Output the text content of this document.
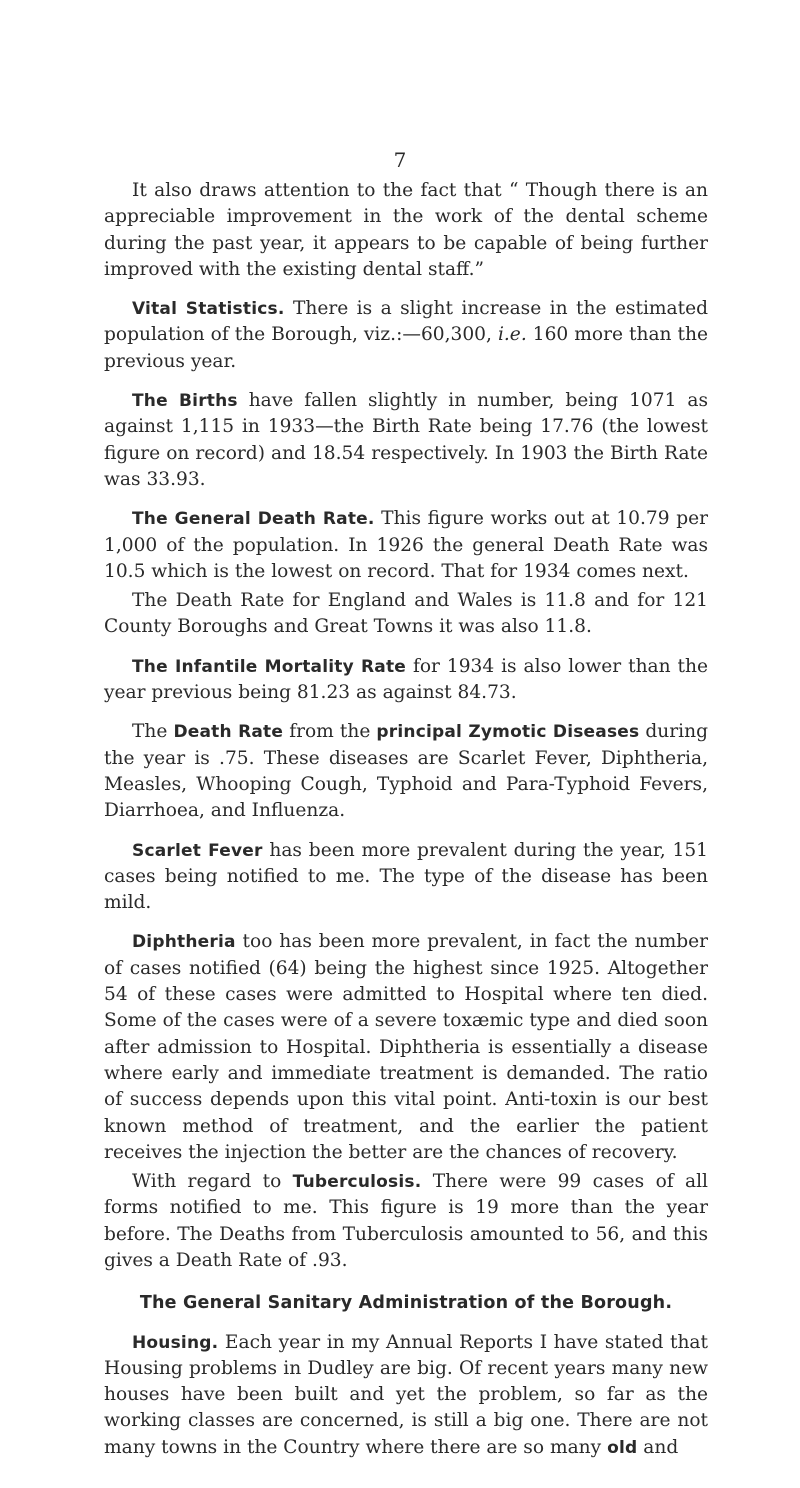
7

It also draws attention to the fact that “ Though there is an appreciable improvement in the work of the dental scheme during the past year, it appears to be capable of being further improved with the existing dental staff.”

Vital Statistics. There is a slight increase in the estimated population of the Borough, viz.:—60,300, i.e. 160 more than the previous year.

The Births have fallen slightly in number, being 1071 as against 1,115 in 1933—the Birth Rate being 17.76 (the lowest figure on record) and 18.54 respectively. In 1903 the Birth Rate was 33.93.

The General Death Rate. This figure works out at 10.79 per 1,000 of the population. In 1926 the general Death Rate was 10.5 which is the lowest on record. That for 1934 comes next.

The Death Rate for England and Wales is 11.8 and for 121 County Boroughs and Great Towns it was also 11.8.

The Infantile Mortality Rate for 1934 is also lower than the year previous being 81.23 as against 84.73.

The Death Rate from the principal Zymotic Diseases during the year is .75. These diseases are Scarlet Fever, Diphtheria, Measles, Whooping Cough, Typhoid and Para-Typhoid Fevers, Diarrhoea, and Influenza.

Scarlet Fever has been more prevalent during the year, 151 cases being notified to me. The type of the disease has been mild.

Diphtheria too has been more prevalent, in fact the number of cases notified (64) being the highest since 1925. Altogether 54 of these cases were admitted to Hospital where ten died. Some of the cases were of a severe toxæmic type and died soon after admission to Hospital. Diphtheria is essentially a disease where early and immediate treatment is demanded. The ratio of success depends upon this vital point. Anti-toxin is our best known method of treatment, and the earlier the patient receives the injection the better are the chances of recovery.

With regard to Tuberculosis. There were 99 cases of all forms notified to me. This figure is 19 more than the year before. The Deaths from Tuberculosis amounted to 56, and this gives a Death Rate of .93.

The General Sanitary Administration of the Borough.

Housing. Each year in my Annual Reports I have stated that Housing problems in Dudley are big. Of recent years many new houses have been built and yet the problem, so far as the working classes are concerned, is still a big one. There are not many towns in the Country where there are so many old and
